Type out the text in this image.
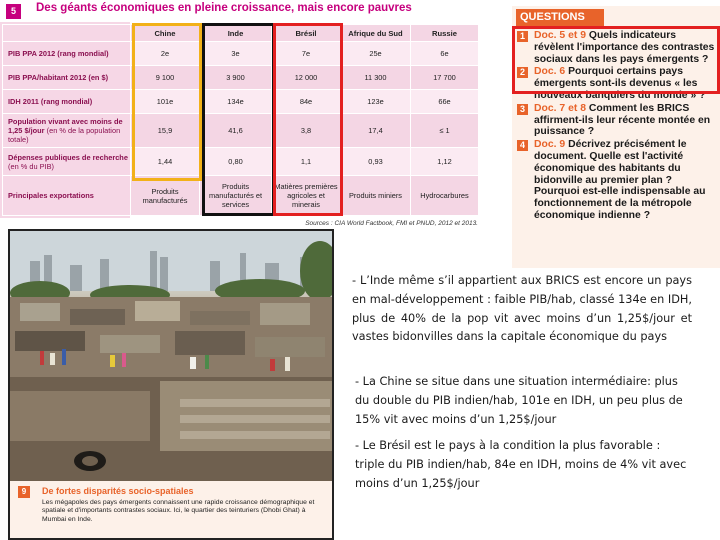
5	Des géants économiques en pleine croissance, mais encore pauvres
	Chine	Inde	Brésil	Afrique du Sud	Russie
PIB PPA 2012 (rang mondial)	2e	3e	7e	25e	6e
PIB PPA/habitant 2012 (en $)	9 100	3 900	12 000	11 300	17 700
IDH 2011 (rang mondial)	101e	134e	84e	123e	66e
Population vivant avec moins de 1,25 $/jour (en % de la population totale)	15,9	41,6	3,8	17,4	≤ 1
Dépenses publiques de recherche (en % du PIB)	1,44	0,80	1,1	0,93	1,12
Principales exportations	Produits manufacturés	Produits manufacturés et services	Matières premières agricoles et minerais	Produits miniers	Hydrocarbures
Sources : CIA World Factbook, FMI et PNUD, 2012 et 2013.
QUESTIONS
1 Doc. 5 et 9 Quels indicateurs révèlent l'importance des contrastes sociaux dans les pays émergents ?
2 Doc. 6 Pourquoi certains pays émergents sont-ils devenus « les nouveaux banquiers du monde » ?
3 Doc. 7 et 8 Comment les BRICS affirment-ils leur récente montée en puissance ?
4 Doc. 9 Décrivez précisément le document. Quelle est l'activité économique des habitants du bidonville au premier plan ? Pourquoi est-elle indispensable au fonctionnement de la métropole économique indienne ?
9	De fortes disparités socio-spatiales
Les mégapoles des pays émergents connaissent une rapide croissance démographique et spatiale et d'importants contrastes sociaux. Ici, le quartier des teinturiers (Dhobi Ghat) à Mumbai en Inde.
- L’Inde même s’il appartient aux BRICS est encore un pays en mal-développement : faible PIB/hab, classé 134e en IDH, plus de 40% de la pop vit avec moins d’un 1,25$/jour et vastes bidonvilles dans la capitale économique du pays
- La Chine se situe dans une situation intermédiaire: plus du double du PIB indien/hab, 101e en IDH, un peu plus de 15% vit avec moins d’un 1,25$/jour
- Le Brésil est le pays à la condition la plus favorable : triple du PIB indien/hab, 84e en IDH, moins de 4% vit avec moins d’un 1,25$/jour
